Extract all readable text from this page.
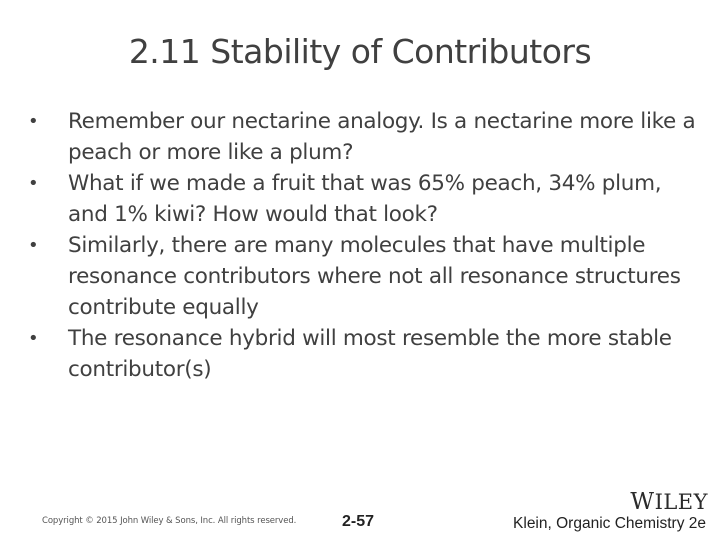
2.11 Stability of Contributors
• Remember our nectarine analogy. Is a nectarine more like a peach or more like a plum?
• What if we made a fruit that was 65% peach, 34% plum, and 1% kiwi? How would that look?
• Similarly, there are many molecules that have multiple resonance contributors where not all resonance structures contribute equally
• The resonance hybrid will most resemble the more stable contributor(s)
WILEY
Copyright © 2015 John Wiley & Sons, Inc. All rights reserved.	2-57	Klein, Organic Chemistry 2e
